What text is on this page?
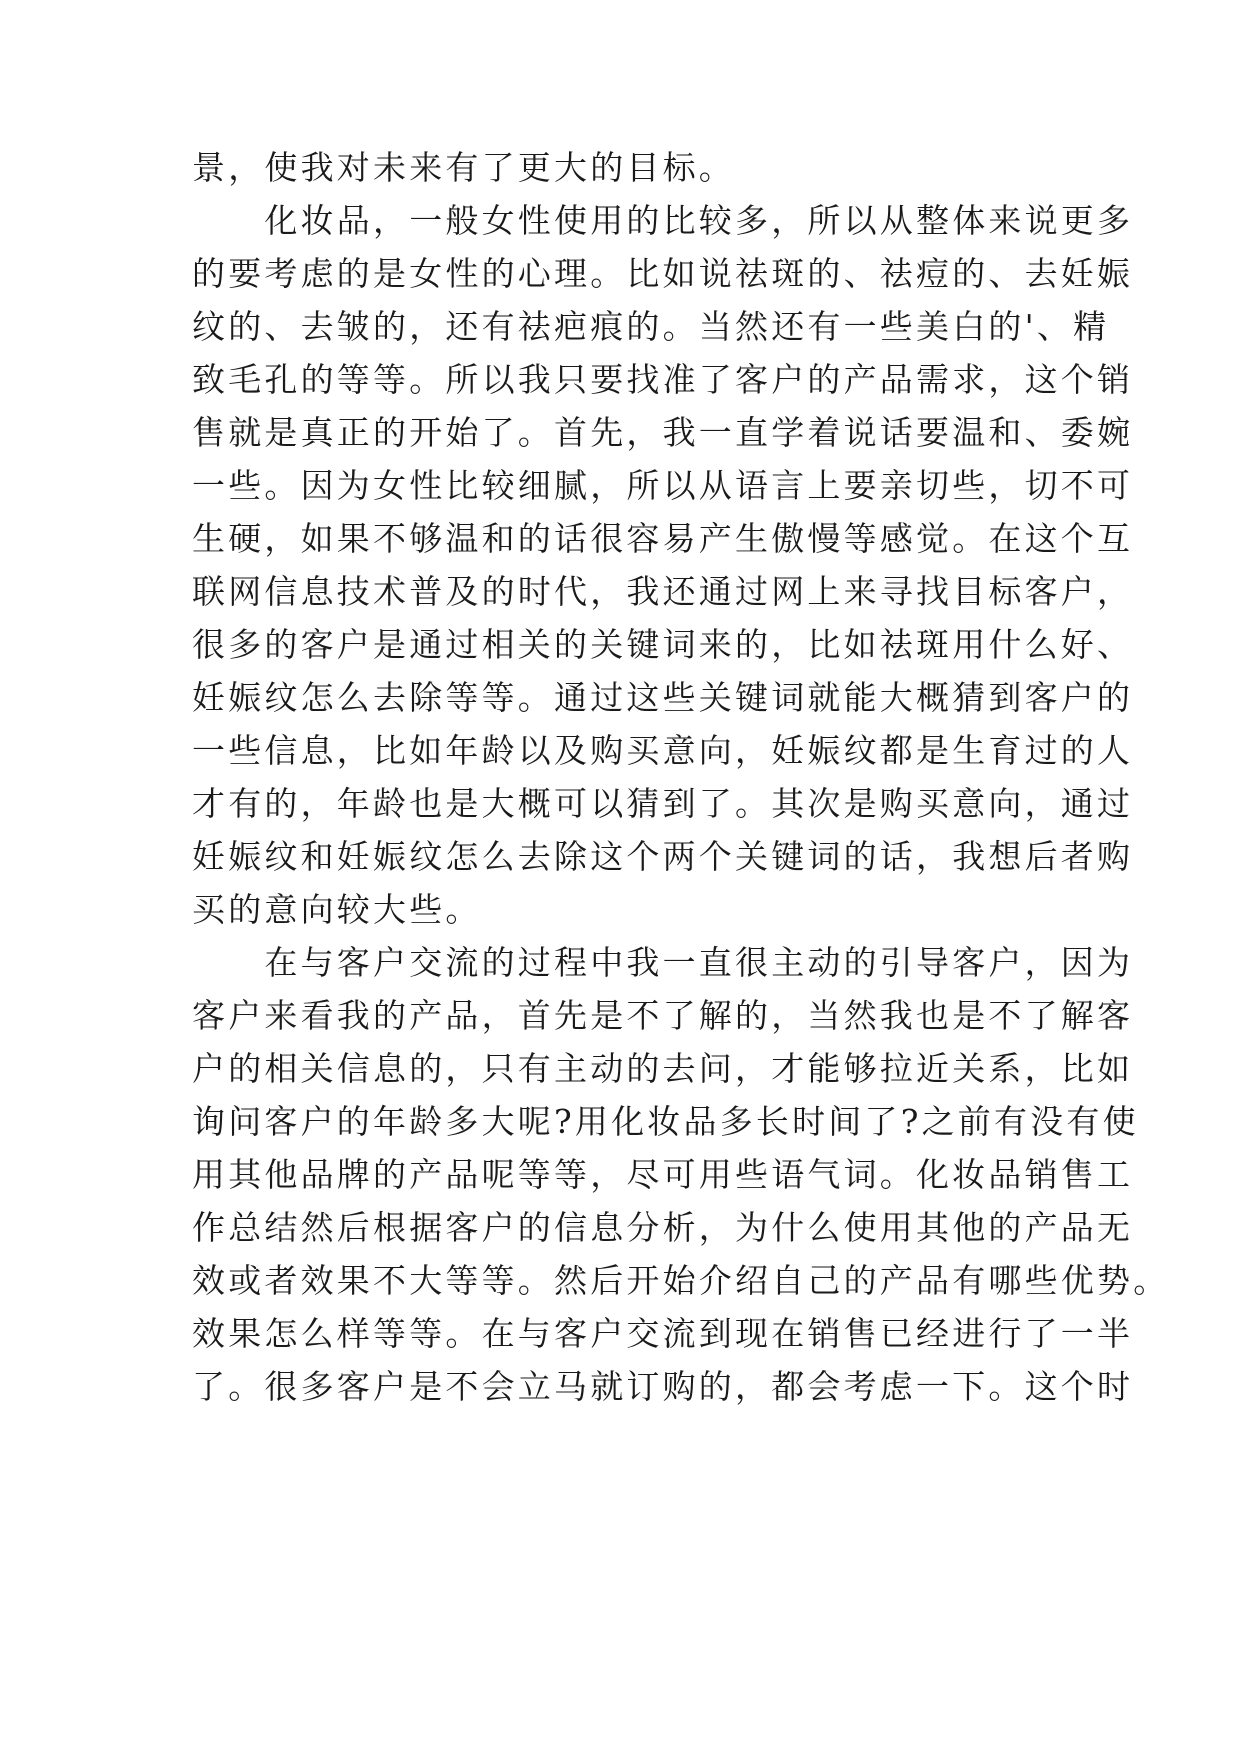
景，使我对未来有了更大的目标。
　　化妆品，一般女性使用的比较多，所以从整体来说更多
的要考虑的是女性的心理。比如说祛斑的、祛痘的、去妊娠
纹的、去皱的，还有祛疤痕的。当然还有一些美白的'、精
致毛孔的等等。所以我只要找准了客户的产品需求，这个销
售就是真正的开始了。首先，我一直学着说话要温和、委婉
一些。因为女性比较细腻，所以从语言上要亲切些，切不可
生硬，如果不够温和的话很容易产生傲慢等感觉。在这个互
联网信息技术普及的时代，我还通过网上来寻找目标客户，
很多的客户是通过相关的关键词来的，比如祛斑用什么好、
妊娠纹怎么去除等等。通过这些关键词就能大概猜到客户的
一些信息，比如年龄以及购买意向，妊娠纹都是生育过的人
才有的，年龄也是大概可以猜到了。其次是购买意向，通过
妊娠纹和妊娠纹怎么去除这个两个关键词的话，我想后者购
买的意向较大些。
　　在与客户交流的过程中我一直很主动的引导客户，因为
客户来看我的产品，首先是不了解的，当然我也是不了解客
户的相关信息的，只有主动的去问，才能够拉近关系，比如
询问客户的年龄多大呢?用化妆品多长时间了?之前有没有使
用其他品牌的产品呢等等，尽可用些语气词。化妆品销售工
作总结然后根据客户的信息分析，为什么使用其他的产品无
效或者效果不大等等。然后开始介绍自己的产品有哪些优势。
效果怎么样等等。在与客户交流到现在销售已经进行了一半
了。很多客户是不会立马就订购的，都会考虑一下。这个时
